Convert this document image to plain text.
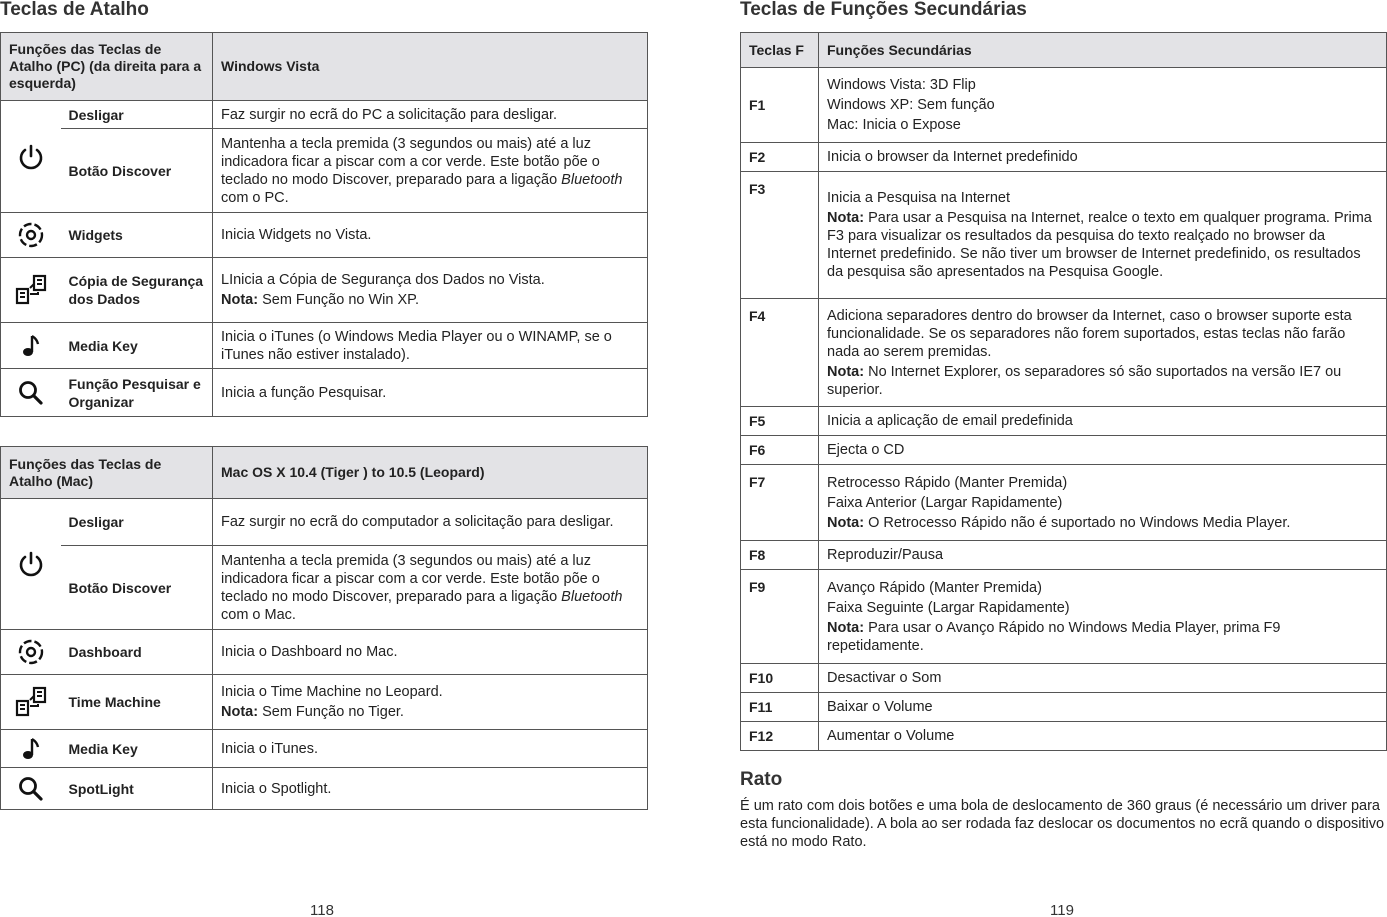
Teclas de Atalho
Funções das Teclas de Atalho (PC) (da direita para a esquerda)		Windows Vista
	Desligar	Faz surgir no ecrã do PC a solicitação para desligar.
	Botão Discover	Mantenha a tecla premida (3 segundos ou mais) até a luz indicadora ficar a piscar com a cor verde. Este botão põe o teclado no modo Discover, preparado para a ligação Bluetooth com o PC.
	Widgets	Inicia Widgets no Vista.
	Cópia de Segurança dos Dados	LInicia a Cópia de Segurança dos Dados no Vista.

Nota: Sem Função no Win XP.

	Media Key	Inicia o iTunes (o Windows Media Player ou o WINAMP, se o iTunes não estiver instalado).
	Função Pesquisar e Organizar	Inicia a função Pesquisar.
Funções das Teclas de Atalho (Mac)		Mac OS X 10.4 (Tiger ) to 10.5 (Leopard)
	Desligar	Faz surgir no ecrã do computador a solicitação para desligar.
	Botão Discover	Mantenha a tecla premida (3 segundos ou mais) até a luz indicadora ficar a piscar com a cor verde. Este botão põe o teclado no modo Discover, preparado para a ligação Bluetooth com o Mac.
	Dashboard	Inicia o Dashboard no Mac.
	Time Machine	Inicia o Time Machine no Leopard.

Nota: Sem Função no Tiger.

	Media Key	Inicia o iTunes.
	SpotLight	Inicia o Spotlight.
118
Teclas de Funções Secundárias
Teclas F	Funções Secundárias
F1	Windows Vista: 3D Flip

Windows XP: Sem função

Mac: Inicia o Expose

F2	Inicia o browser da Internet predefinido
F3	Inicia a Pesquisa na Internet

Nota: Para usar a Pesquisa na Internet, realce o texto em qualquer programa. Prima F3 para visualizar os resultados da pesquisa do texto realçado no browser da Internet predefinido. Se não tiver um browser de Internet predefinido, os resultados da pesquisa são apresentados na Pesquisa Google.

F4	Adiciona separadores dentro do browser da Internet, caso o browser suporte esta funcionalidade. Se os separadores não forem suportados, estas teclas não farão nada ao serem premidas.

Nota: No Internet Explorer, os separadores só são suportados na versão IE7 ou superior.

F5	Inicia a aplicação de email predefinida
F6	Ejecta o CD
F7	Retrocesso Rápido (Manter Premida)

Faixa Anterior (Largar Rapidamente)

Nota: O Retrocesso Rápido não é suportado no Windows Media Player.

F8	Reproduzir/Pausa
F9	Avanço Rápido (Manter Premida)

Faixa Seguinte (Largar Rapidamente)

Nota: Para usar o Avanço Rápido no Windows Media Player, prima F9 repetidamente.

F10	Desactivar o Som
F11	Baixar o Volume
F12	Aumentar o Volume
Rato

É um rato com dois botões e uma bola de deslocamento de 360 graus (é necessário um driver para esta funcionalidade). A bola ao ser rodada faz deslocar os documentos no ecrã quando o dispositivo está no modo Rato.

119
